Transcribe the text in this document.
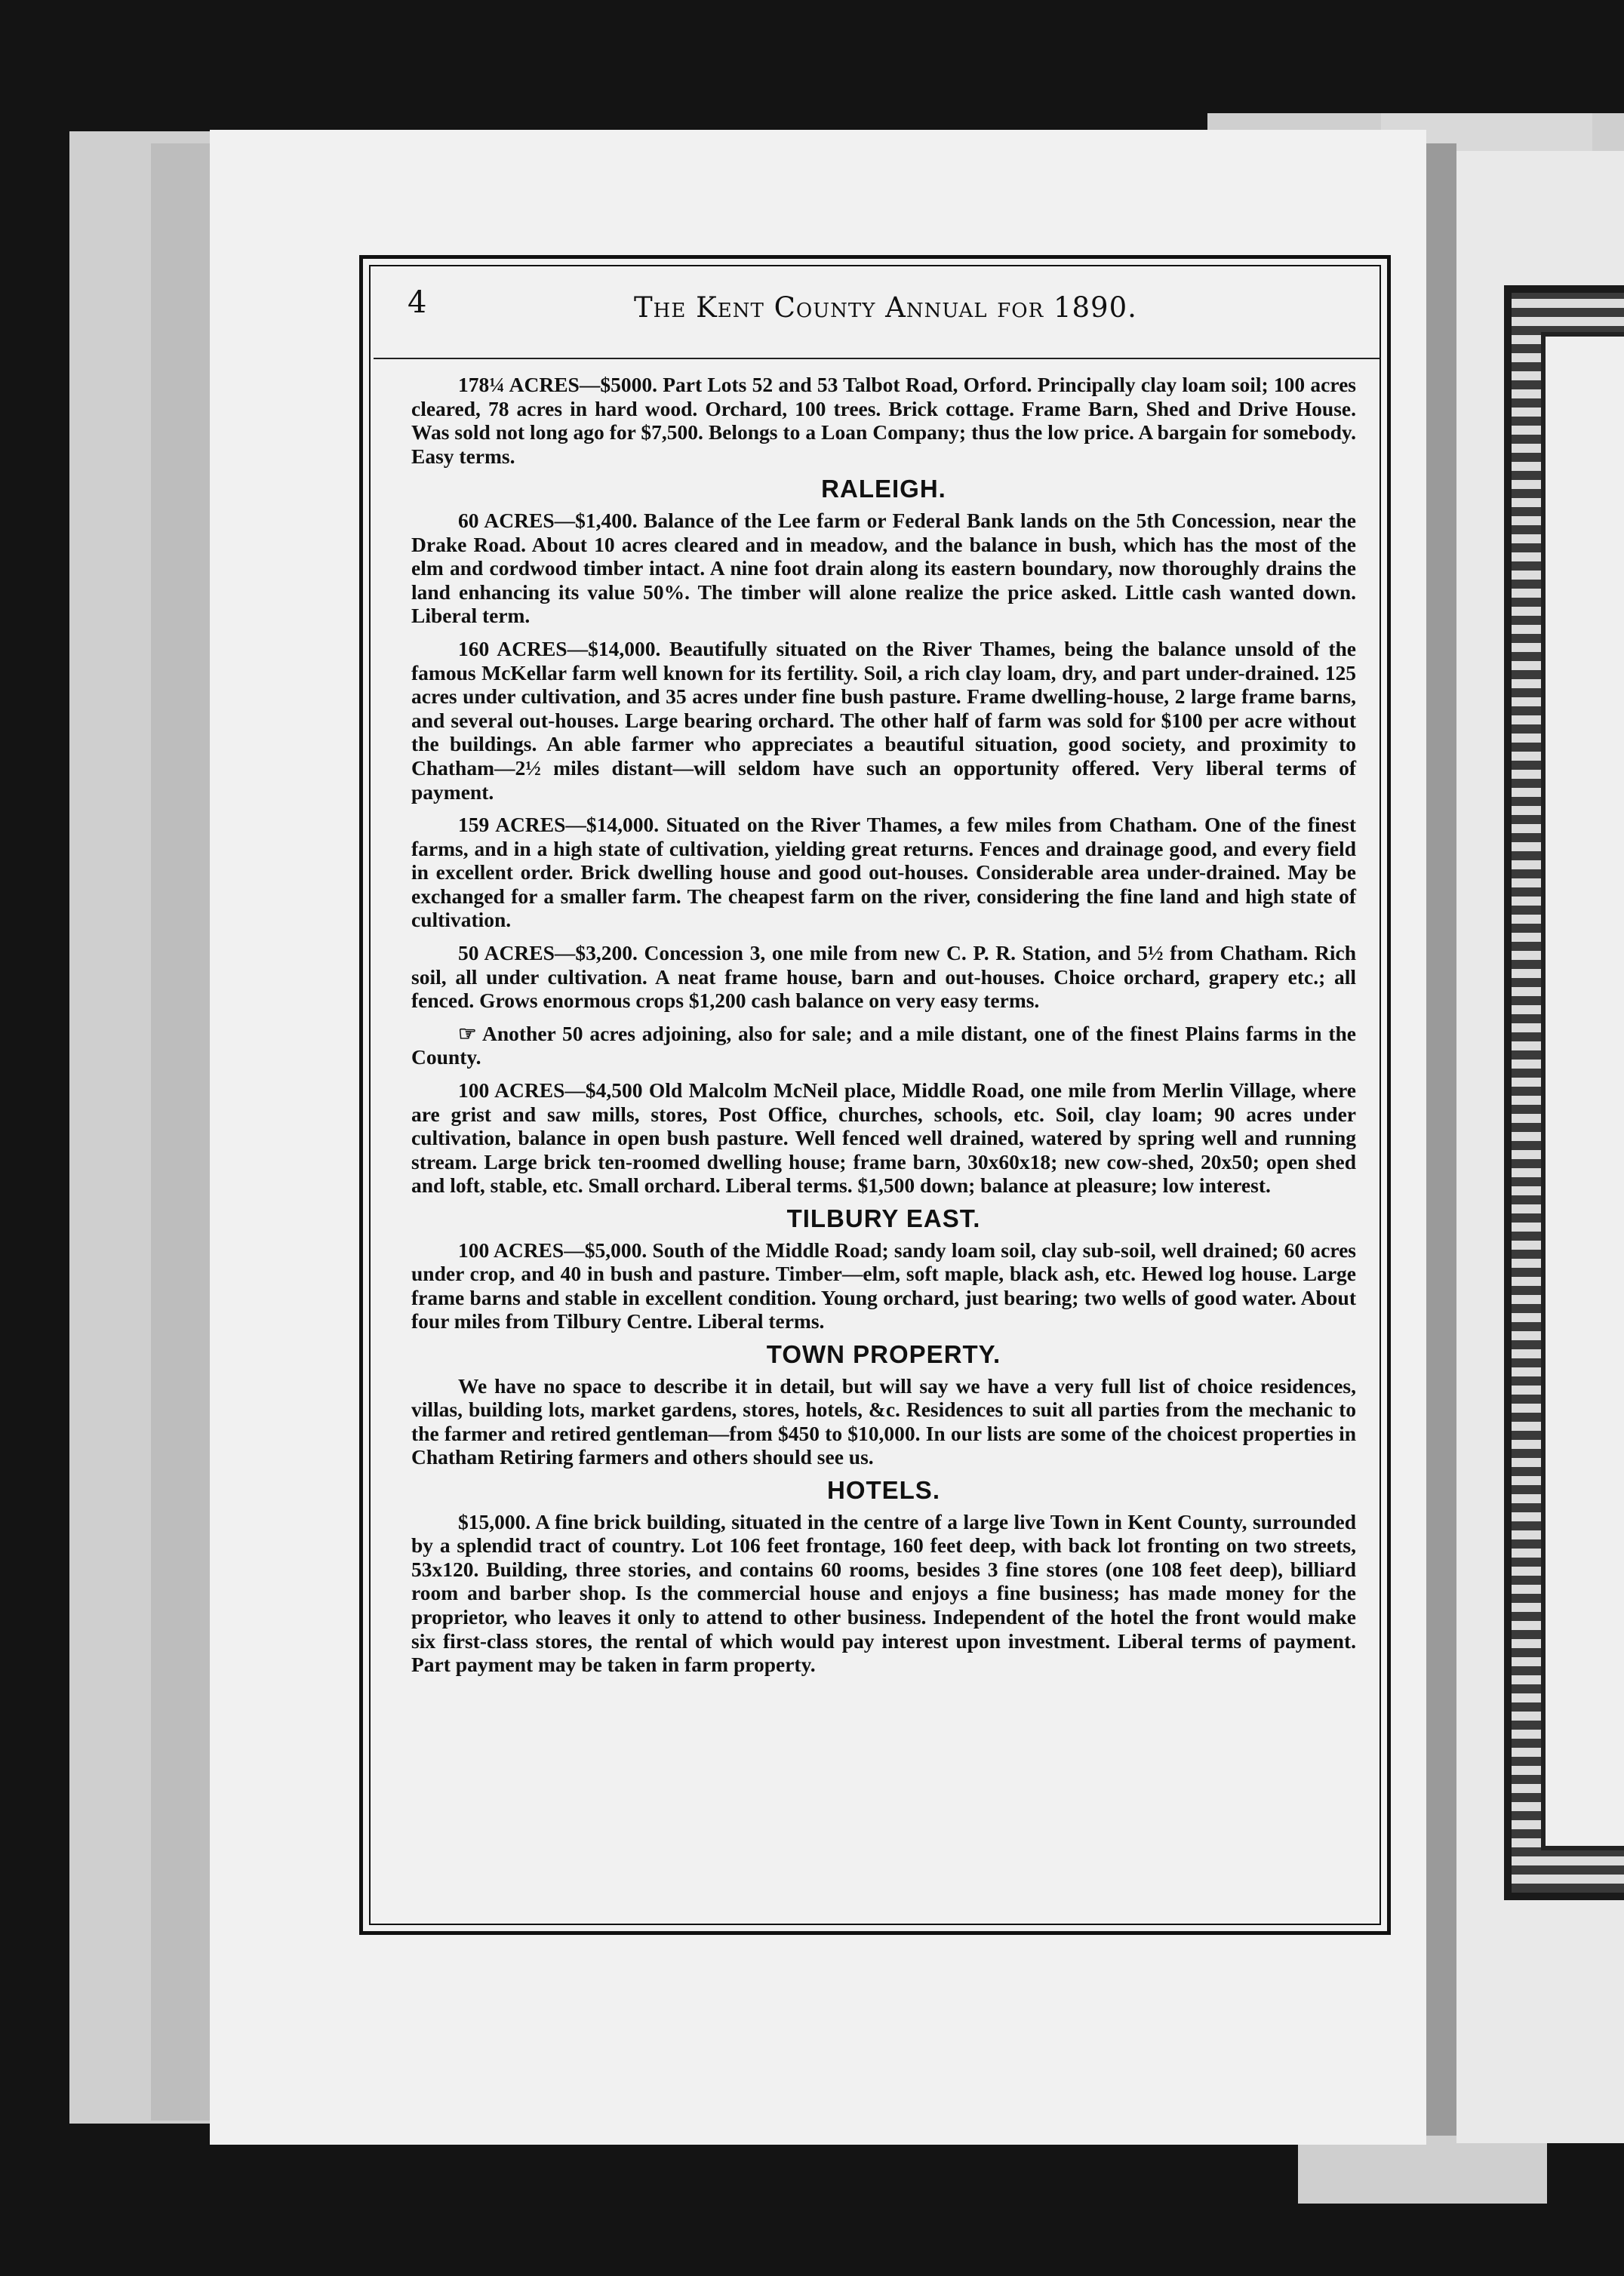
4	The Kent County Annual for 1890.

178¼ ACRES—$5000. Part Lots 52 and 53 Talbot Road, Orford. Principally clay loam soil; 100 acres cleared, 78 acres in hard wood. Orchard, 100 trees. Brick cottage. Frame Barn, Shed and Drive House. Was sold not long ago for $7,500. Belongs to a Loan Company; thus the low price. A bargain for somebody. Easy terms.

RALEIGH.

60 ACRES—$1,400. Balance of the Lee farm or Federal Bank lands on the 5th Concession, near the Drake Road. About 10 acres cleared and in meadow, and the balance in bush, which has the most of the elm and cordwood timber intact. A nine foot drain along its eastern boundary, now thoroughly drains the land enhancing its value 50%. The timber will alone realize the price asked. Little cash wanted down. Liberal term.

160 ACRES—$14,000. Beautifully situated on the River Thames, being the balance unsold of the famous McKellar farm well known for its fertility. Soil, a rich clay loam, dry, and part under-drained. 125 acres under cultivation, and 35 acres under fine bush pasture. Frame dwelling-house, 2 large frame barns, and several out-houses. Large bearing orchard. The other half of farm was sold for $100 per acre without the buildings. An able farmer who appreciates a beautiful situation, good society, and proximity to Chatham—2½ miles distant—will seldom have such an opportunity offered. Very liberal terms of payment.

159 ACRES—$14,000. Situated on the River Thames, a few miles from Chatham. One of the finest farms, and in a high state of cultivation, yielding great returns. Fences and drainage good, and every field in excellent order. Brick dwelling house and good out-houses. Considerable area under-drained. May be exchanged for a smaller farm. The cheapest farm on the river, considering the fine land and high state of cultivation.

50 ACRES—$3,200. Concession 3, one mile from new C. P. R. Station, and 5½ from Chatham. Rich soil, all under cultivation. A neat frame house, barn and out-houses. Choice orchard, grapery etc.; all fenced. Grows enormous crops $1,200 cash balance on very easy terms.

☞ Another 50 acres adjoining, also for sale; and a mile distant, one of the finest Plains farms in the County.

100 ACRES—$4,500 Old Malcolm McNeil place, Middle Road, one mile from Merlin Village, where are grist and saw mills, stores, Post Office, churches, schools, etc. Soil, clay loam; 90 acres under cultivation, balance in open bush pasture. Well fenced well drained, watered by spring well and running stream. Large brick ten-roomed dwelling house; frame barn, 30x60x18; new cow-shed, 20x50; open shed and loft, stable, etc. Small orchard. Liberal terms. $1,500 down; balance at pleasure; low interest.

TILBURY EAST.

100 ACRES—$5,000. South of the Middle Road; sandy loam soil, clay sub-soil, well drained; 60 acres under crop, and 40 in bush and pasture. Timber—elm, soft maple, black ash, etc. Hewed log house. Large frame barns and stable in excellent condition. Young orchard, just bearing; two wells of good water. About four miles from Tilbury Centre. Liberal terms.

TOWN PROPERTY.

We have no space to describe it in detail, but will say we have a very full list of choice residences, villas, building lots, market gardens, stores, hotels, &c. Residences to suit all parties from the mechanic to the farmer and retired gentleman—from $450 to $10,000. In our lists are some of the choicest properties in Chatham Retiring farmers and others should see us.

HOTELS.

$15,000. A fine brick building, situated in the centre of a large live Town in Kent County, surrounded by a splendid tract of country. Lot 106 feet frontage, 160 feet deep, with back lot fronting on two streets, 53x120. Building, three stories, and contains 60 rooms, besides 3 fine stores (one 108 feet deep), billiard room and barber shop. Is the commercial house and enjoys a fine business; has made money for the proprietor, who leaves it only to attend to other business. Independent of the hotel the front would make six first-class stores, the rental of which would pay interest upon investment. Liberal terms of payment. Part payment may be taken in farm property.
